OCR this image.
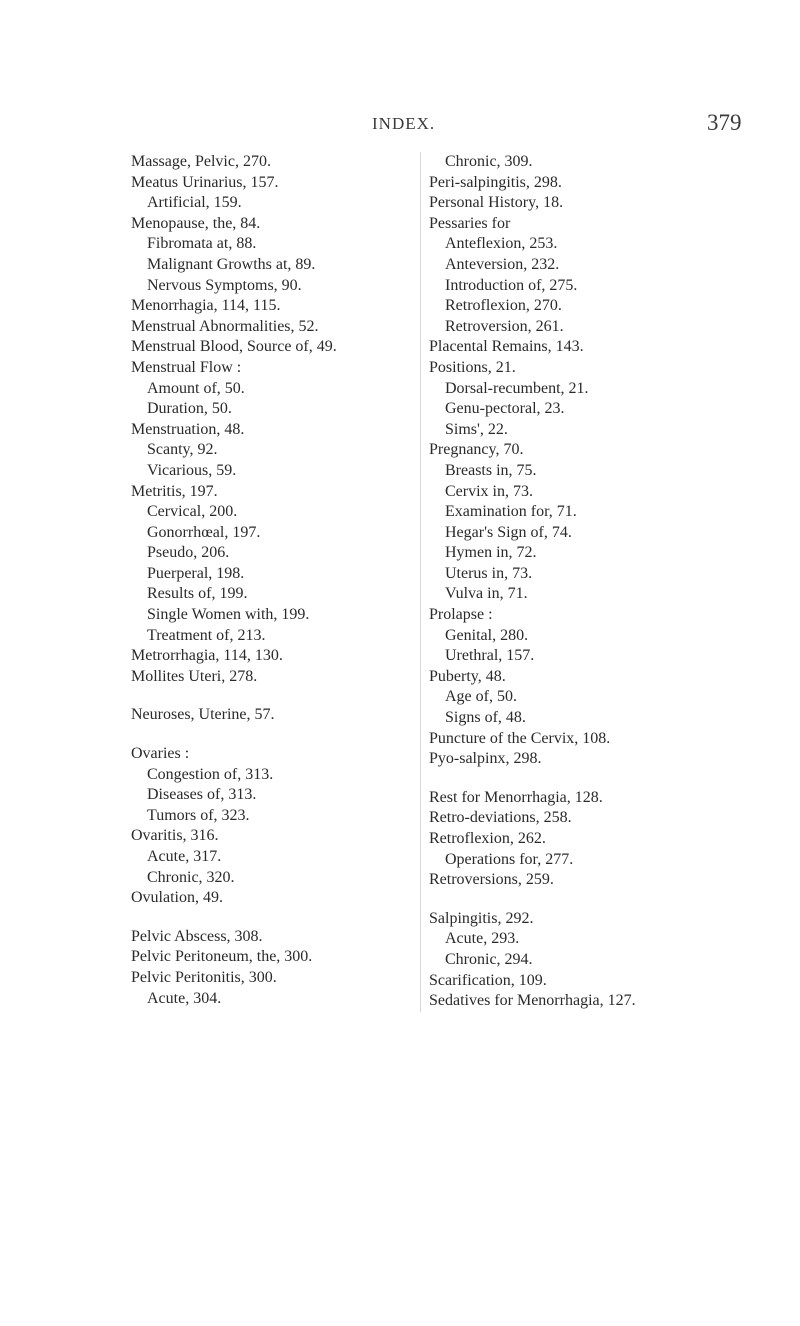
INDEX.	379
Massage, Pelvic, 270.
Meatus Urinarius, 157.
Artificial, 159.
Menopause, the, 84.
Fibromata at, 88.
Malignant Growths at, 89.
Nervous Symptoms, 90.
Menorrhagia, 114, 115.
Menstrual Abnormalities, 52.
Menstrual Blood, Source of, 49.
Menstrual Flow :
Amount of, 50.
Duration, 50.
Menstruation, 48.
Scanty, 92.
Vicarious, 59.
Metritis, 197.
Cervical, 200.
Gonorrhœal, 197.
Pseudo, 206.
Puerperal, 198.
Results of, 199.
Single Women with, 199.
Treatment of, 213.
Metrorrhagia, 114, 130.
Mollites Uteri, 278.
Neuroses, Uterine, 57.
Ovaries :
Congestion of, 313.
Diseases of, 313.
Tumors of, 323.
Ovaritis, 316.
Acute, 317.
Chronic, 320.
Ovulation, 49.
Pelvic Abscess, 308.
Pelvic Peritoneum, the, 300.
Pelvic Peritonitis, 300.
Acute, 304.
Chronic, 309.
Peri-salpingitis, 298.
Personal History, 18.
Pessaries for
Anteflexion, 253.
Anteversion, 232.
Introduction of, 275.
Retroflexion, 270.
Retroversion, 261.
Placental Remains, 143.
Positions, 21.
Dorsal-recumbent, 21.
Genu-pectoral, 23.
Sims', 22.
Pregnancy, 70.
Breasts in, 75.
Cervix in, 73.
Examination for, 71.
Hegar's Sign of, 74.
Hymen in, 72.
Uterus in, 73.
Vulva in, 71.
Prolapse :
Genital, 280.
Urethral, 157.
Puberty, 48.
Age of, 50.
Signs of, 48.
Puncture of the Cervix, 108.
Pyo-salpinx, 298.
Rest for Menorrhagia, 128.
Retro-deviations, 258.
Retroflexion, 262.
Operations for, 277.
Retroversions, 259.
Salpingitis, 292.
Acute, 293.
Chronic, 294.
Scarification, 109.
Sedatives for Menorrhagia, 127.
